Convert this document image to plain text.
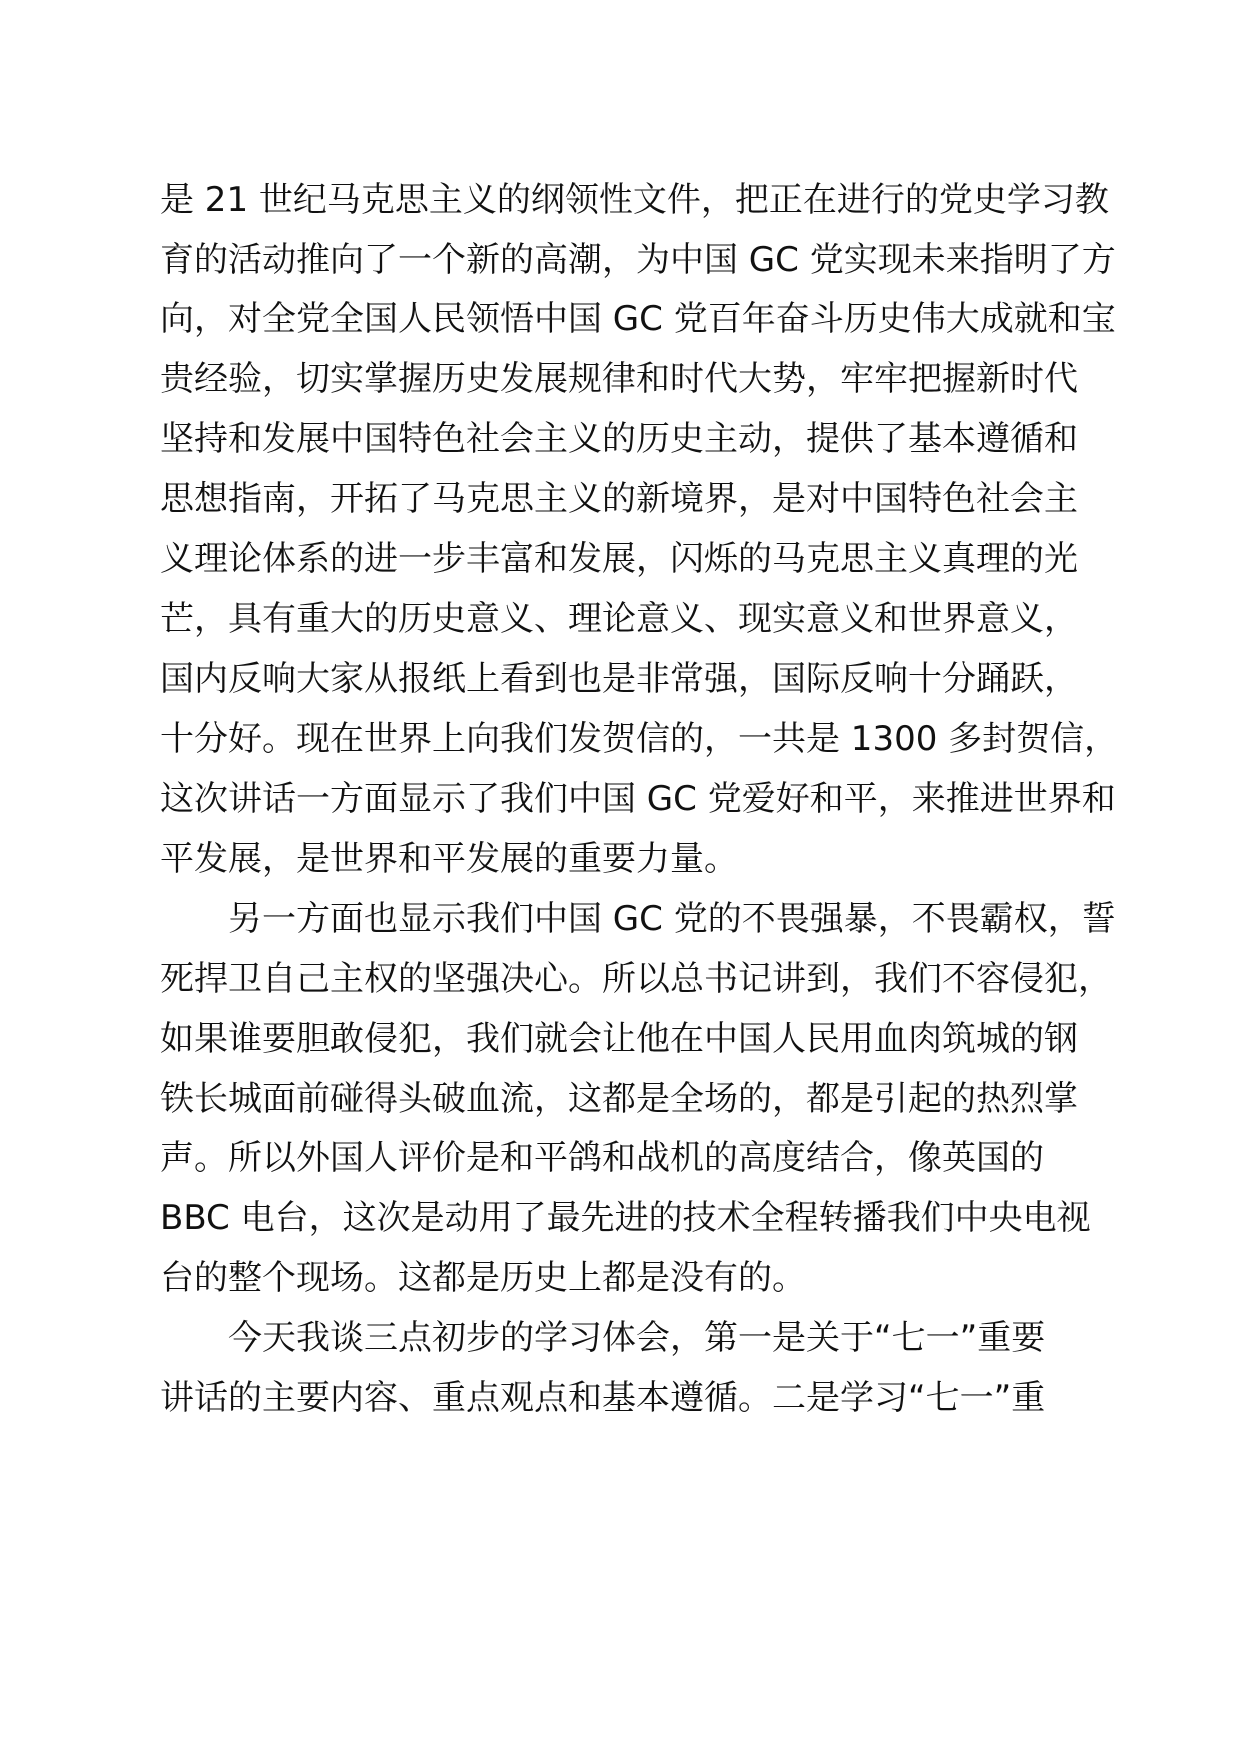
是 21 世纪马克思主义的纲领性文件，把正在进行的党史学习教
育的活动推向了一个新的高潮，为中国 GC 党实现未来指明了方
向，对全党全国人民领悟中国 GC 党百年奋斗历史伟大成就和宝
贵经验，切实掌握历史发展规律和时代大势，牢牢把握新时代
坚持和发展中国特色社会主义的历史主动，提供了基本遵循和
思想指南，开拓了马克思主义的新境界，是对中国特色社会主
义理论体系的进一步丰富和发展，闪烁的马克思主义真理的光
芒，具有重大的历史意义、理论意义、现实意义和世界意义，
国内反响大家从报纸上看到也是非常强，国际反响十分踊跃，
十分好。现在世界上向我们发贺信的，一共是 1300 多封贺信，
这次讲话一方面显示了我们中国 GC 党爱好和平，来推进世界和
平发展，是世界和平发展的重要力量。
另一方面也显示我们中国 GC 党的不畏强暴，不畏霸权，誓
死捍卫自己主权的坚强决心。所以总书记讲到，我们不容侵犯，
如果谁要胆敢侵犯，我们就会让他在中国人民用血肉筑城的钢
铁长城面前碰得头破血流，这都是全场的，都是引起的热烈掌
声。所以外国人评价是和平鸽和战机的高度结合，像英国的
BBC 电台，这次是动用了最先进的技术全程转播我们中央电视
台的整个现场。这都是历史上都是没有的。
今天我谈三点初步的学习体会，第一是关于“七一”重要
讲话的主要内容、重点观点和基本遵循。二是学习“七一”重
